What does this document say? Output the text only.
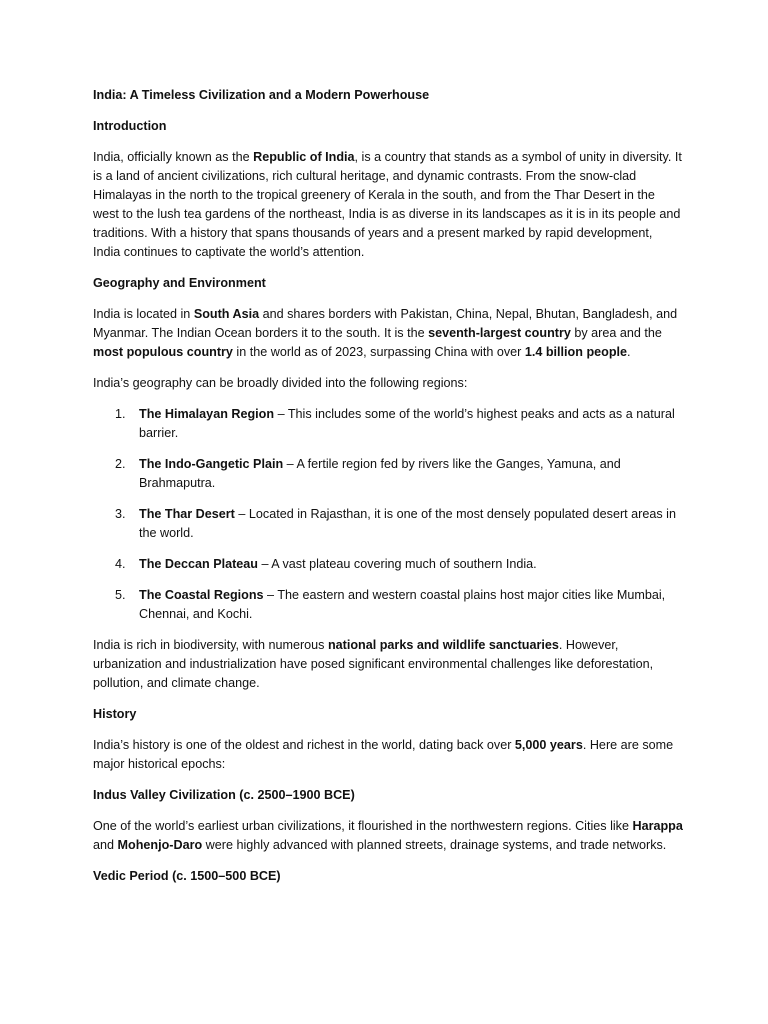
India: A Timeless Civilization and a Modern Powerhouse

Introduction

India, officially known as the Republic of India, is a country that stands as a symbol of unity in diversity. It is a land of ancient civilizations, rich cultural heritage, and dynamic contrasts. From the snow-clad Himalayas in the north to the tropical greenery of Kerala in the south, and from the Thar Desert in the west to the lush tea gardens of the northeast, India is as diverse in its landscapes as it is in its people and traditions. With a history that spans thousands of years and a present marked by rapid development, India continues to captivate the world’s attention.

Geography and Environment

India is located in South Asia and shares borders with Pakistan, China, Nepal, Bhutan, Bangladesh, and Myanmar. The Indian Ocean borders it to the south. It is the seventh-largest country by area and the most populous country in the world as of 2023, surpassing China with over 1.4 billion people.

India’s geography can be broadly divided into the following regions:

1. The Himalayan Region – This includes some of the world’s highest peaks and acts as a natural barrier.
2. The Indo-Gangetic Plain – A fertile region fed by rivers like the Ganges, Yamuna, and Brahmaputra.
3. The Thar Desert – Located in Rajasthan, it is one of the most densely populated desert areas in the world.
4. The Deccan Plateau – A vast plateau covering much of southern India.
5. The Coastal Regions – The eastern and western coastal plains host major cities like Mumbai, Chennai, and Kochi.

India is rich in biodiversity, with numerous national parks and wildlife sanctuaries. However, urbanization and industrialization have posed significant environmental challenges like deforestation, pollution, and climate change.

History

India’s history is one of the oldest and richest in the world, dating back over 5,000 years. Here are some major historical epochs:

Indus Valley Civilization (c. 2500–1900 BCE)

One of the world’s earliest urban civilizations, it flourished in the northwestern regions. Cities like Harappa and Mohenjo-Daro were highly advanced with planned streets, drainage systems, and trade networks.

Vedic Period (c. 1500–500 BCE)
